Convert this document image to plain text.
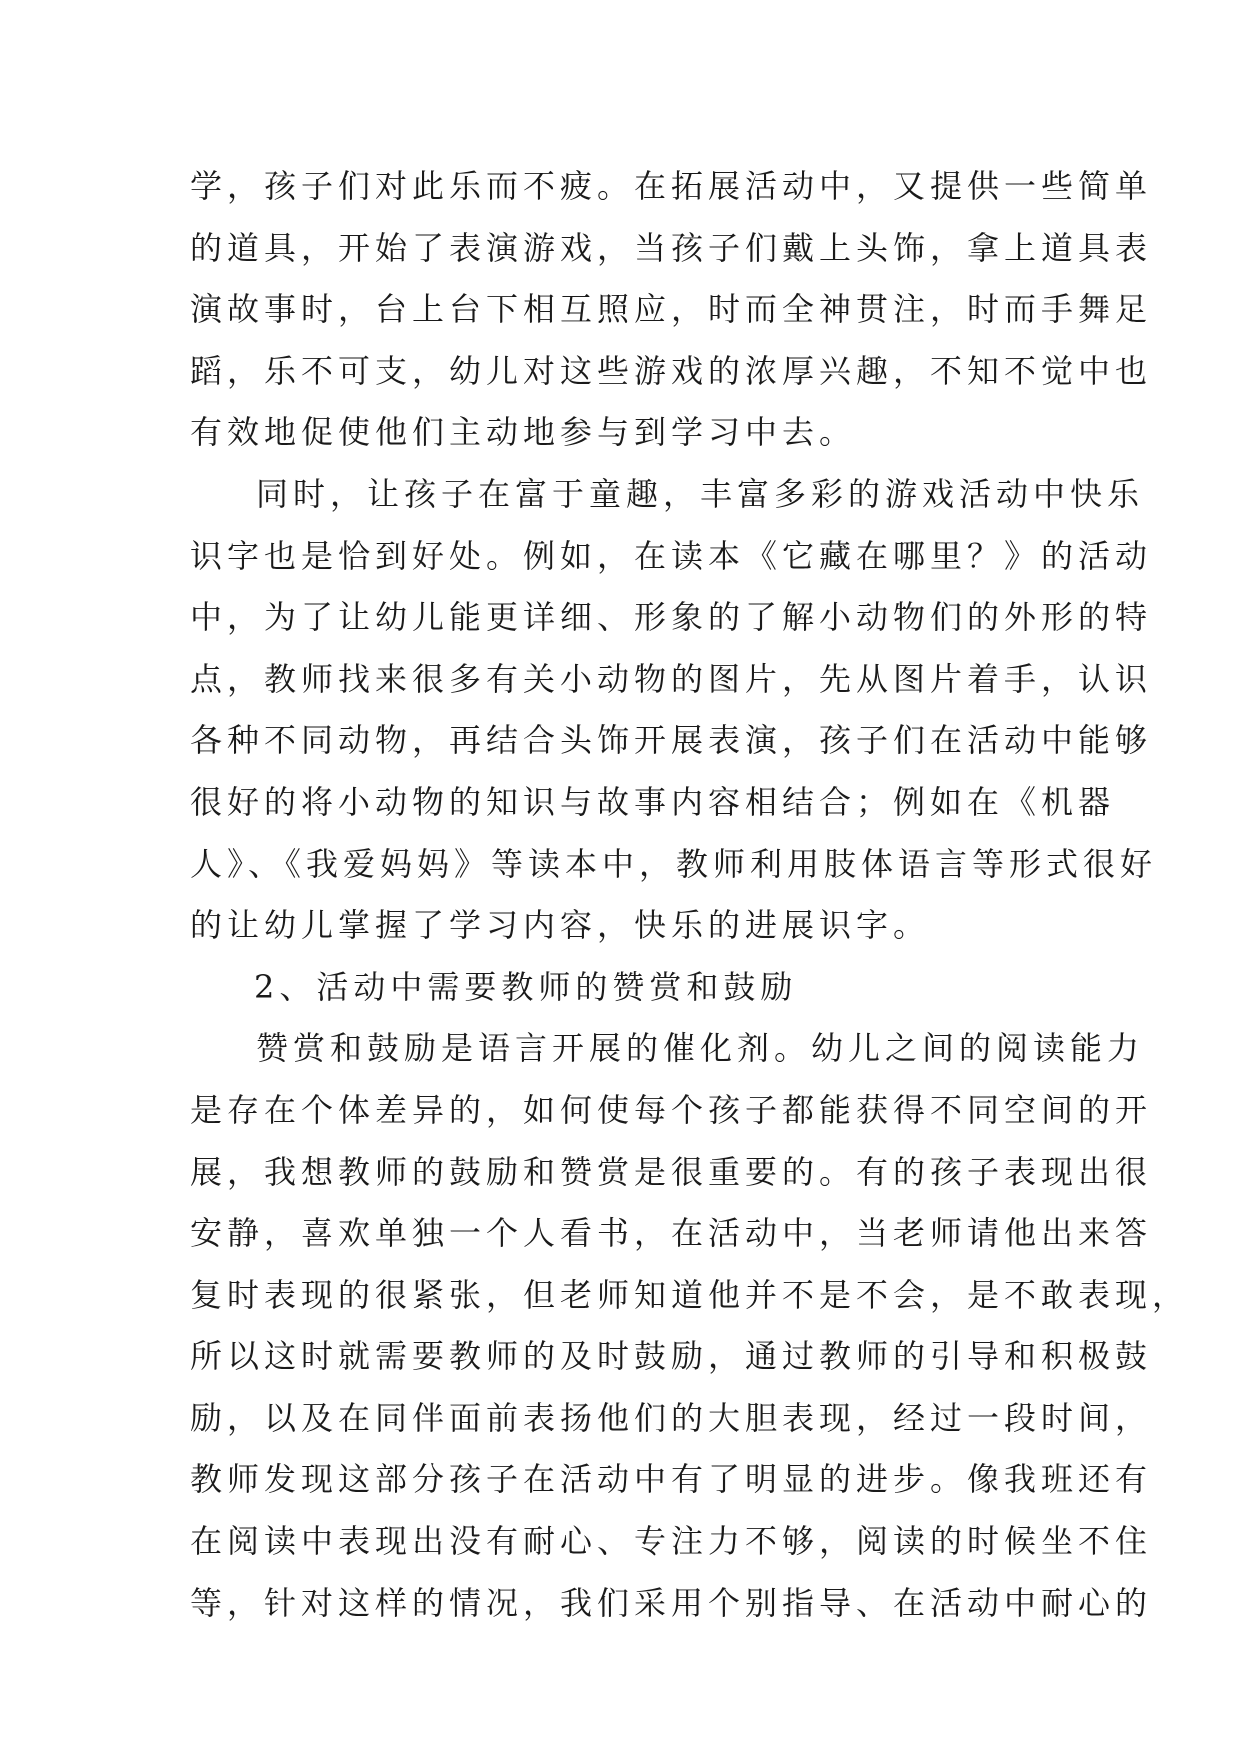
学，孩子们对此乐而不疲。在拓展活动中，又提供一些简单
的道具，开始了表演游戏，当孩子们戴上头饰，拿上道具表
演故事时，台上台下相互照应，时而全神贯注，时而手舞足
蹈，乐不可支，幼儿对这些游戏的浓厚兴趣，不知不觉中也
有效地促使他们主动地参与到学习中去。
同时，让孩子在富于童趣，丰富多彩的游戏活动中快乐
识字也是恰到好处。例如，在读本《它藏在哪里？》的活动
中，为了让幼儿能更详细、形象的了解小动物们的外形的特
点，教师找来很多有关小动物的图片，先从图片着手，认识
各种不同动物，再结合头饰开展表演，孩子们在活动中能够
很好的将小动物的知识与故事内容相结合；例如在《机器
人》、《我爱妈妈》等读本中，教师利用肢体语言等形式很好
的让幼儿掌握了学习内容，快乐的进展识字。
2、活动中需要教师的赞赏和鼓励
赞赏和鼓励是语言开展的催化剂。幼儿之间的阅读能力
是存在个体差异的，如何使每个孩子都能获得不同空间的开
展，我想教师的鼓励和赞赏是很重要的。有的孩子表现出很
安静，喜欢单独一个人看书，在活动中，当老师请他出来答
复时表现的很紧张，但老师知道他并不是不会，是不敢表现，
所以这时就需要教师的及时鼓励，通过教师的引导和积极鼓
励，以及在同伴面前表扬他们的大胆表现，经过一段时间，
教师发现这部分孩子在活动中有了明显的进步。像我班还有
在阅读中表现出没有耐心、专注力不够，阅读的时候坐不住
等，针对这样的情况，我们采用个别指导、在活动中耐心的
